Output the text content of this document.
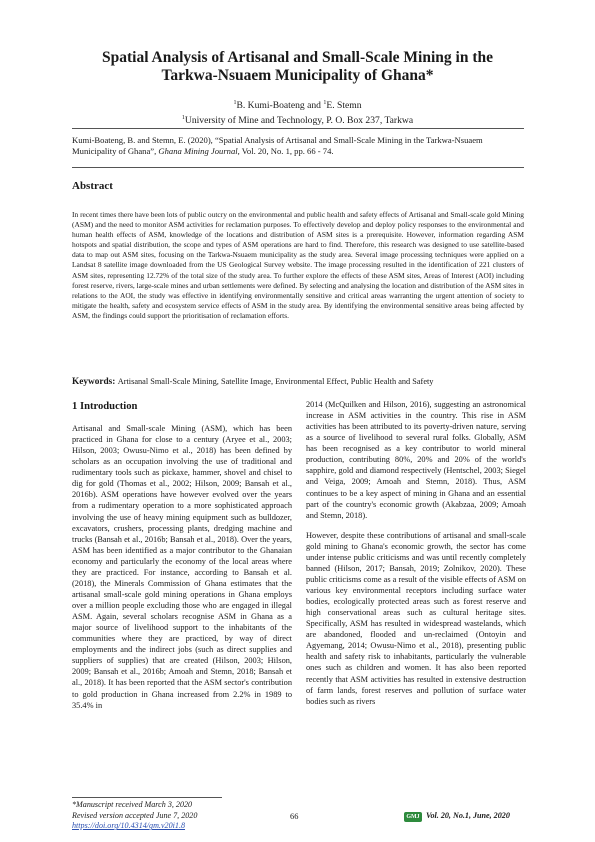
Spatial Analysis of Artisanal and Small-Scale Mining in the
Tarkwa-Nsuaem Municipality of Ghana*
$^1$B. Kumi-Boateng and $^1$E. Stemn
$^1$University of Mine and Technology, P. O. Box 237, Tarkwa
Kumi-Boateng, B. and Stemn, E. (2020), “Spatial Analysis of Artisanal and Small-Scale Mining in the Tarkwa-Nsuaem Municipality of Ghana”, Ghana Mining Journal, Vol. 20, No. 1, pp. 66 - 74.
Abstract
In recent times there have been lots of public outcry on the environmental and public health and safety effects of Artisanal and Small-scale gold Mining (ASM) and the need to monitor ASM activities for reclamation purposes. To effectively develop and deploy policy responses to the environmental and human health effects of ASM, knowledge of the locations and distribution of ASM sites is a prerequisite. However, information regarding ASM hotspots and spatial distribution, the scope and types of ASM operations are hard to find. Therefore, this research was designed to use satellite-based data to map out ASM sites, focusing on the Tarkwa-Nsuaem municipality as the study area. Several image processing techniques were applied on a Landsat 8 satellite image downloaded from the US Geological Survey website. The image processing resulted in the identification of 221 clusters of ASM sites, representing 12.72% of the total size of the study area. To further explore the effects of these ASM sites, Areas of Interest (AOI) including forest reserve, rivers, large-scale mines and urban settlements were defined. By selecting and analysing the location and distribution of the ASM sites in relations to the AOI, the study was effective in identifying environmentally sensitive and critical areas warranting the urgent attention of society to mitigate the health, safety and ecosystem service effects of ASM in the study area. By identifying the environmental sensitive areas being affected by ASM, the findings could support the prioritisation of reclamation efforts.
Keywords: Artisanal Small-Scale Mining, Satellite Image, Environmental Effect, Public Health and Safety
1 Introduction

Artisanal and Small-scale Mining (ASM), which has been practiced in Ghana for close to a century (Aryee et al., 2003; Hilson, 2003; Owusu-Nimo et al., 2018) has been defined by scholars as an occupation involving the use of traditional and rudimentary tools such as pickaxe, hammer, shovel and chisel to dig for gold (Thomas et al., 2002; Hilson, 2009; Bansah et al., 2016b). ASM operations have however evolved over the years from a rudimentary operation to a more sophisticated approach involving the use of heavy mining equipment such as bulldozer, excavators, crushers, processing plants, dredging machine and trucks (Bansah et al., 2016b; Bansah et al., 2018). Over the years, ASM has been identified as a major contributor to the Ghanaian economy and particularly the economy of the local areas where they are practiced. For instance, according to Bansah et al. (2018), the Minerals Commission of Ghana estimates that the artisanal small-scale gold mining operations in Ghana employs over a million people excluding those who are engaged in illegal ASM. Again, several scholars recognise ASM in Ghana as a major source of livelihood support to the inhabitants of the communities where they are practiced, by way of direct employments and the indirect jobs (such as direct supplies and suppliers of supplies) that are created (Hilson, 2003; Hilson, 2009; Bansah et al., 2016b; Amoah and Stemn, 2018; Bansah et al., 2018). It has been reported that the ASM sector's contribution to gold production in Ghana increased from 2.2% in 1989 to 35.4% in

2014 (McQuilken and Hilson, 2016), suggesting an astronomical increase in ASM activities in the country. This rise in ASM activities has been attributed to its poverty-driven nature, serving as a source of livelihood to several rural folks. Globally, ASM has been recognised as a key contributor to world mineral production, contributing 80%, 20% and 20% of the world's sapphire, gold and diamond respectively (Hentschel, 2003; Siegel and Veiga, 2009; Amoah and Stemn, 2018). Thus, ASM continues to be a key aspect of mining in Ghana and an essential part of the country's economic growth (Akabzaa, 2009; Amoah and Stemn, 2018).

However, despite these contributions of artisanal and small-scale gold mining to Ghana's economic growth, the sector has come under intense public criticisms and was until recently completely banned (Hilson, 2017; Bansah, 2019; Zolnikov, 2020). These public criticisms come as a result of the visible effects of ASM on various key environmental receptors including surface water bodies, ecologically protected areas such as forest reserve and high conservational areas such as cultural heritage sites. Specifically, ASM has resulted in widespread wastelands, which are abandoned, flooded and un-reclaimed (Ontoyin and Agyemang, 2014; Owusu-Nimo et al., 2018), presenting public health and safety risk to inhabitants, particularly the vulnerable ones such as children and women. It has also been reported recently that ASM activities has resulted in extensive destruction of farm lands, forest reserves and pollution of surface water bodies such as rivers

*Manuscript received March 3, 2020
Revised version accepted June 7, 2020
https://doi.org/10.4314/gm.v20i1.8
66	GMJ Vol. 20, No.1, June, 2020
